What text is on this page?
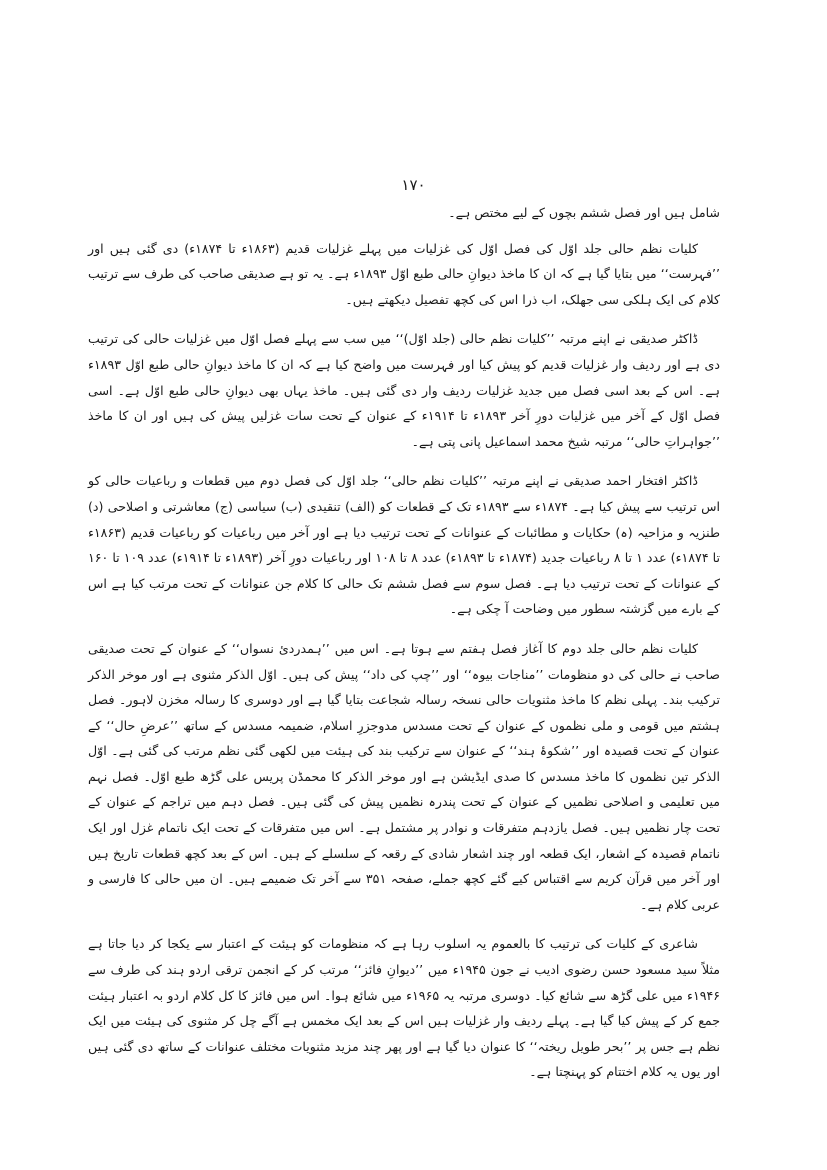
۱۷۰

شامل ہیں اور فصل ششم بچوں کے لیے مختص ہے۔

کلیات نظم حالی جلد اوّل کی فصل اوّل کی غزلیات میں پہلے غزلیات قدیم (۱۸۶۳ء تا ۱۸۷۴ء) دی گئی ہیں اور ’’فہرست‘‘ میں بتایا گیا ہے کہ ان کا ماخذ دیوانِ حالی طبع اوّل ۱۸۹۳ء ہے۔ یہ تو ہے صدیقی صاحب کی طرف سے ترتیب کلام کی ایک ہلکی سی جھلک، اب ذرا اس کی کچھ تفصیل دیکھتے ہیں۔

ڈاکٹر صدیقی نے اپنے مرتبہ ’’کلیات نظم حالی (جلد اوّل)‘‘ میں سب سے پہلے فصل اوّل میں غزلیات حالی کی ترتیب دی ہے اور ردیف وار غزلیات قدیم کو پیش کیا اور فہرست میں واضح کیا ہے کہ ان کا ماخذ دیوانِ حالی طبع اوّل ۱۸۹۳ء ہے۔ اس کے بعد اسی فصل میں جدید غزلیات ردیف وار دی گئی ہیں۔ ماخذ یہاں بھی دیوانِ حالی طبع اوّل ہے۔ اسی فصل اوّل کے آخر میں غزلیات دورِ آخر ۱۸۹۳ء تا ۱۹۱۴ء کے عنوان کے تحت سات غزلیں پیش کی ہیں اور ان کا ماخذ ’’جواہراتِ حالی‘‘ مرتبہ شیخ محمد اسماعیل پانی پتی ہے۔

ڈاکٹر افتخار احمد صدیقی نے اپنے مرتبہ ’’کلیات نظم حالی‘‘ جلد اوّل کی فصل دوم میں قطعات و رباعیات حالی کو اس ترتیب سے پیش کیا ہے۔ ۱۸۷۴ء سے ۱۸۹۳ء تک کے قطعات کو (الف) تنقیدی (ب) سیاسی (ج) معاشرتی و اصلاحی (د) طنزیہ و مزاحیہ (ہ) حکایات و مطائبات کے عنوانات کے تحت ترتیب دیا ہے اور آخر میں رباعیات کو رباعیات قدیم (۱۸۶۳ء تا ۱۸۷۴ء) عدد ۱ تا ۸ رباعیات جدید (۱۸۷۴ء تا ۱۸۹۳ء) عدد ۸ تا ۱۰۸ اور رباعیات دورِ آخر (۱۸۹۳ء تا ۱۹۱۴ء) عدد ۱۰۹ تا ۱۶۰ کے عنوانات کے تحت ترتیب دیا ہے۔ فصل سوم سے فصل ششم تک حالی کا کلام جن عنوانات کے تحت مرتب کیا ہے اس کے بارے میں گزشتہ سطور میں وضاحت آ چکی ہے۔

کلیات نظم حالی جلد دوم کا آغاز فصل ہفتم سے ہوتا ہے۔ اس میں ’’ہمدردیٔ نسواں‘‘ کے عنوان کے تحت صدیقی صاحب نے حالی کی دو منظومات ’’مناجات بیوہ‘‘ اور ’’چپ کی داد‘‘ پیش کی ہیں۔ اوّل الذکر مثنوی ہے اور موخر الذکر ترکیب بند۔ پہلی نظم کا ماخذ مثنویات حالی نسخہ رسالہ شجاعت بتایا گیا ہے اور دوسری کا رسالہ مخزن لاہور۔ فصل ہشتم میں قومی و ملی نظموں کے عنوان کے تحت مسدس مدوجزرِ اسلام، ضمیمہ مسدس کے ساتھ ’’عرضِ حال‘‘ کے عنوان کے تحت قصیدہ اور ’’شکوۂ ہند‘‘ کے عنوان سے ترکیب بند کی ہیئت میں لکھی گئی نظم مرتب کی گئی ہے۔ اوّل الذکر تین نظموں کا ماخذ مسدس کا صدی ایڈیشن ہے اور موخر الذکر کا محمڈن پریس علی گڑھ طبع اوّل۔ فصل نہم میں تعلیمی و اصلاحی نظمیں کے عنوان کے تحت پندرہ نظمیں پیش کی گئی ہیں۔ فصل دہم میں تراجم کے عنوان کے تحت چار نظمیں ہیں۔ فصل یازدہم متفرقات و نوادر پر مشتمل ہے۔ اس میں متفرقات کے تحت ایک ناتمام غزل اور ایک ناتمام قصیدہ کے اشعار، ایک قطعہ اور چند اشعار شادی کے رقعہ کے سلسلے کے ہیں۔ اس کے بعد کچھ قطعات تاریخ ہیں اور آخر میں قرآن کریم سے اقتباس کیے گئے کچھ جملے، صفحہ ۳۵۱ سے آخر تک ضمیمے ہیں۔ ان میں حالی کا فارسی و عربی کلام ہے۔

شاعری کے کلیات کی ترتیب کا بالعموم یہ اسلوب رہا ہے کہ منظومات کو ہیئت کے اعتبار سے یکجا کر دیا جاتا ہے مثلاً سید مسعود حسن رضوی ادیب نے جون ۱۹۴۵ء میں ’’دیوانِ فائز‘‘ مرتب کر کے انجمن ترقی اردو ہند کی طرف سے ۱۹۴۶ء میں علی گڑھ سے شائع کیا۔ دوسری مرتبہ یہ ۱۹۶۵ء میں شائع ہوا۔ اس میں فائز کا کل کلام اردو بہ اعتبار ہیئت جمع کر کے پیش کیا گیا ہے۔ پہلے ردیف وار غزلیات ہیں اس کے بعد ایک مخمس ہے آگے چل کر مثنوی کی ہیئت میں ایک نظم ہے جس پر ’’بحر طویل ریختہ‘‘ کا عنوان دیا گیا ہے اور پھر چند مزید مثنویات مختلف عنوانات کے ساتھ دی گئی ہیں اور یوں یہ کلام اختتام کو پہنچتا ہے۔
